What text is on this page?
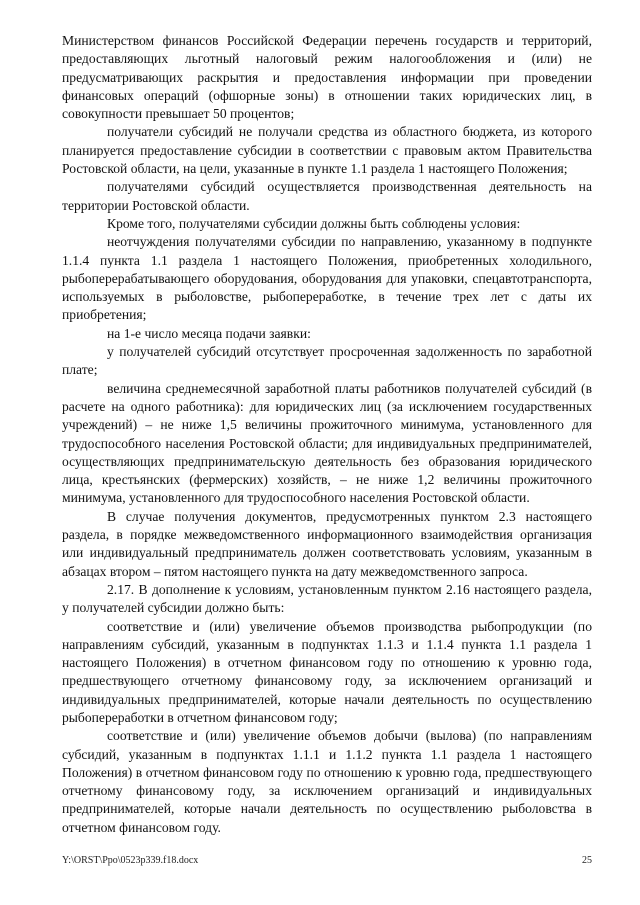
Министерством финансов Российской Федерации перечень государств и территорий, предоставляющих льготный налоговый режим налогообложения и (или) не предусматривающих раскрытия и предоставления информации при проведении финансовых операций (офшорные зоны) в отношении таких юридических лиц, в совокупности превышает 50 процентов;

получатели субсидий не получали средства из областного бюджета, из которого планируется предоставление субсидии в соответствии с правовым актом Правительства Ростовской области, на цели, указанные в пункте 1.1 раздела 1 настоящего Положения;

получателями субсидий осуществляется производственная деятельность на территории Ростовской области.

Кроме того, получателями субсидии должны быть соблюдены условия:

неотчуждения получателями субсидии по направлению, указанному в подпункте 1.1.4 пункта 1.1 раздела 1 настоящего Положения, приобретенных холодильного, рыбоперерабатывающего оборудования, оборудования для упаковки, спецавтотранспорта, используемых в рыболовстве, рыбопереработке, в течение трех лет с даты их приобретения;

на 1-е число месяца подачи заявки:

у получателей субсидий отсутствует просроченная задолженность по заработной плате;

величина среднемесячной заработной платы работников получателей субсидий (в расчете на одного работника): для юридических лиц (за исключением государственных учреждений) – не ниже 1,5 величины прожиточного минимума, установленного для трудоспособного населения Ростовской области; для индивидуальных предпринимателей, осуществляющих предпринимательскую деятельность без образования юридического лица, крестьянских (фермерских) хозяйств, – не ниже 1,2 величины прожиточного минимума, установленного для трудоспособного населения Ростовской области.

В случае получения документов, предусмотренных пунктом 2.3 настоящего раздела, в порядке межведомственного информационного взаимодействия организация или индивидуальный предприниматель должен соответствовать условиям, указанным в абзацах втором – пятом настоящего пункта на дату межведомственного запроса.

2.17. В дополнение к условиям, установленным пунктом 2.16 настоящего раздела, у получателей субсидии должно быть:

соответствие и (или) увеличение объемов производства рыбопродукции (по направлениям субсидий, указанным в подпунктах 1.1.3 и 1.1.4 пункта 1.1 раздела 1 настоящего Положения) в отчетном финансовом году по отношению к уровню года, предшествующего отчетному финансовому году, за исключением организаций и индивидуальных предпринимателей, которые начали деятельность по осуществлению рыбопереработки в отчетном финансовом году;

соответствие и (или) увеличение объемов добычи (вылова) (по направлениям субсидий, указанным в подпунктах 1.1.1 и 1.1.2 пункта 1.1 раздела 1 настоящего Положения) в отчетном финансовом году по отношению к уровню года, предшествующего отчетному финансовому году, за исключением организаций и индивидуальных предпринимателей, которые начали деятельность по осуществлению рыболовства в отчетном финансовом году.

Y:\ORST\Ppo\0523p339.f18.docx	25
